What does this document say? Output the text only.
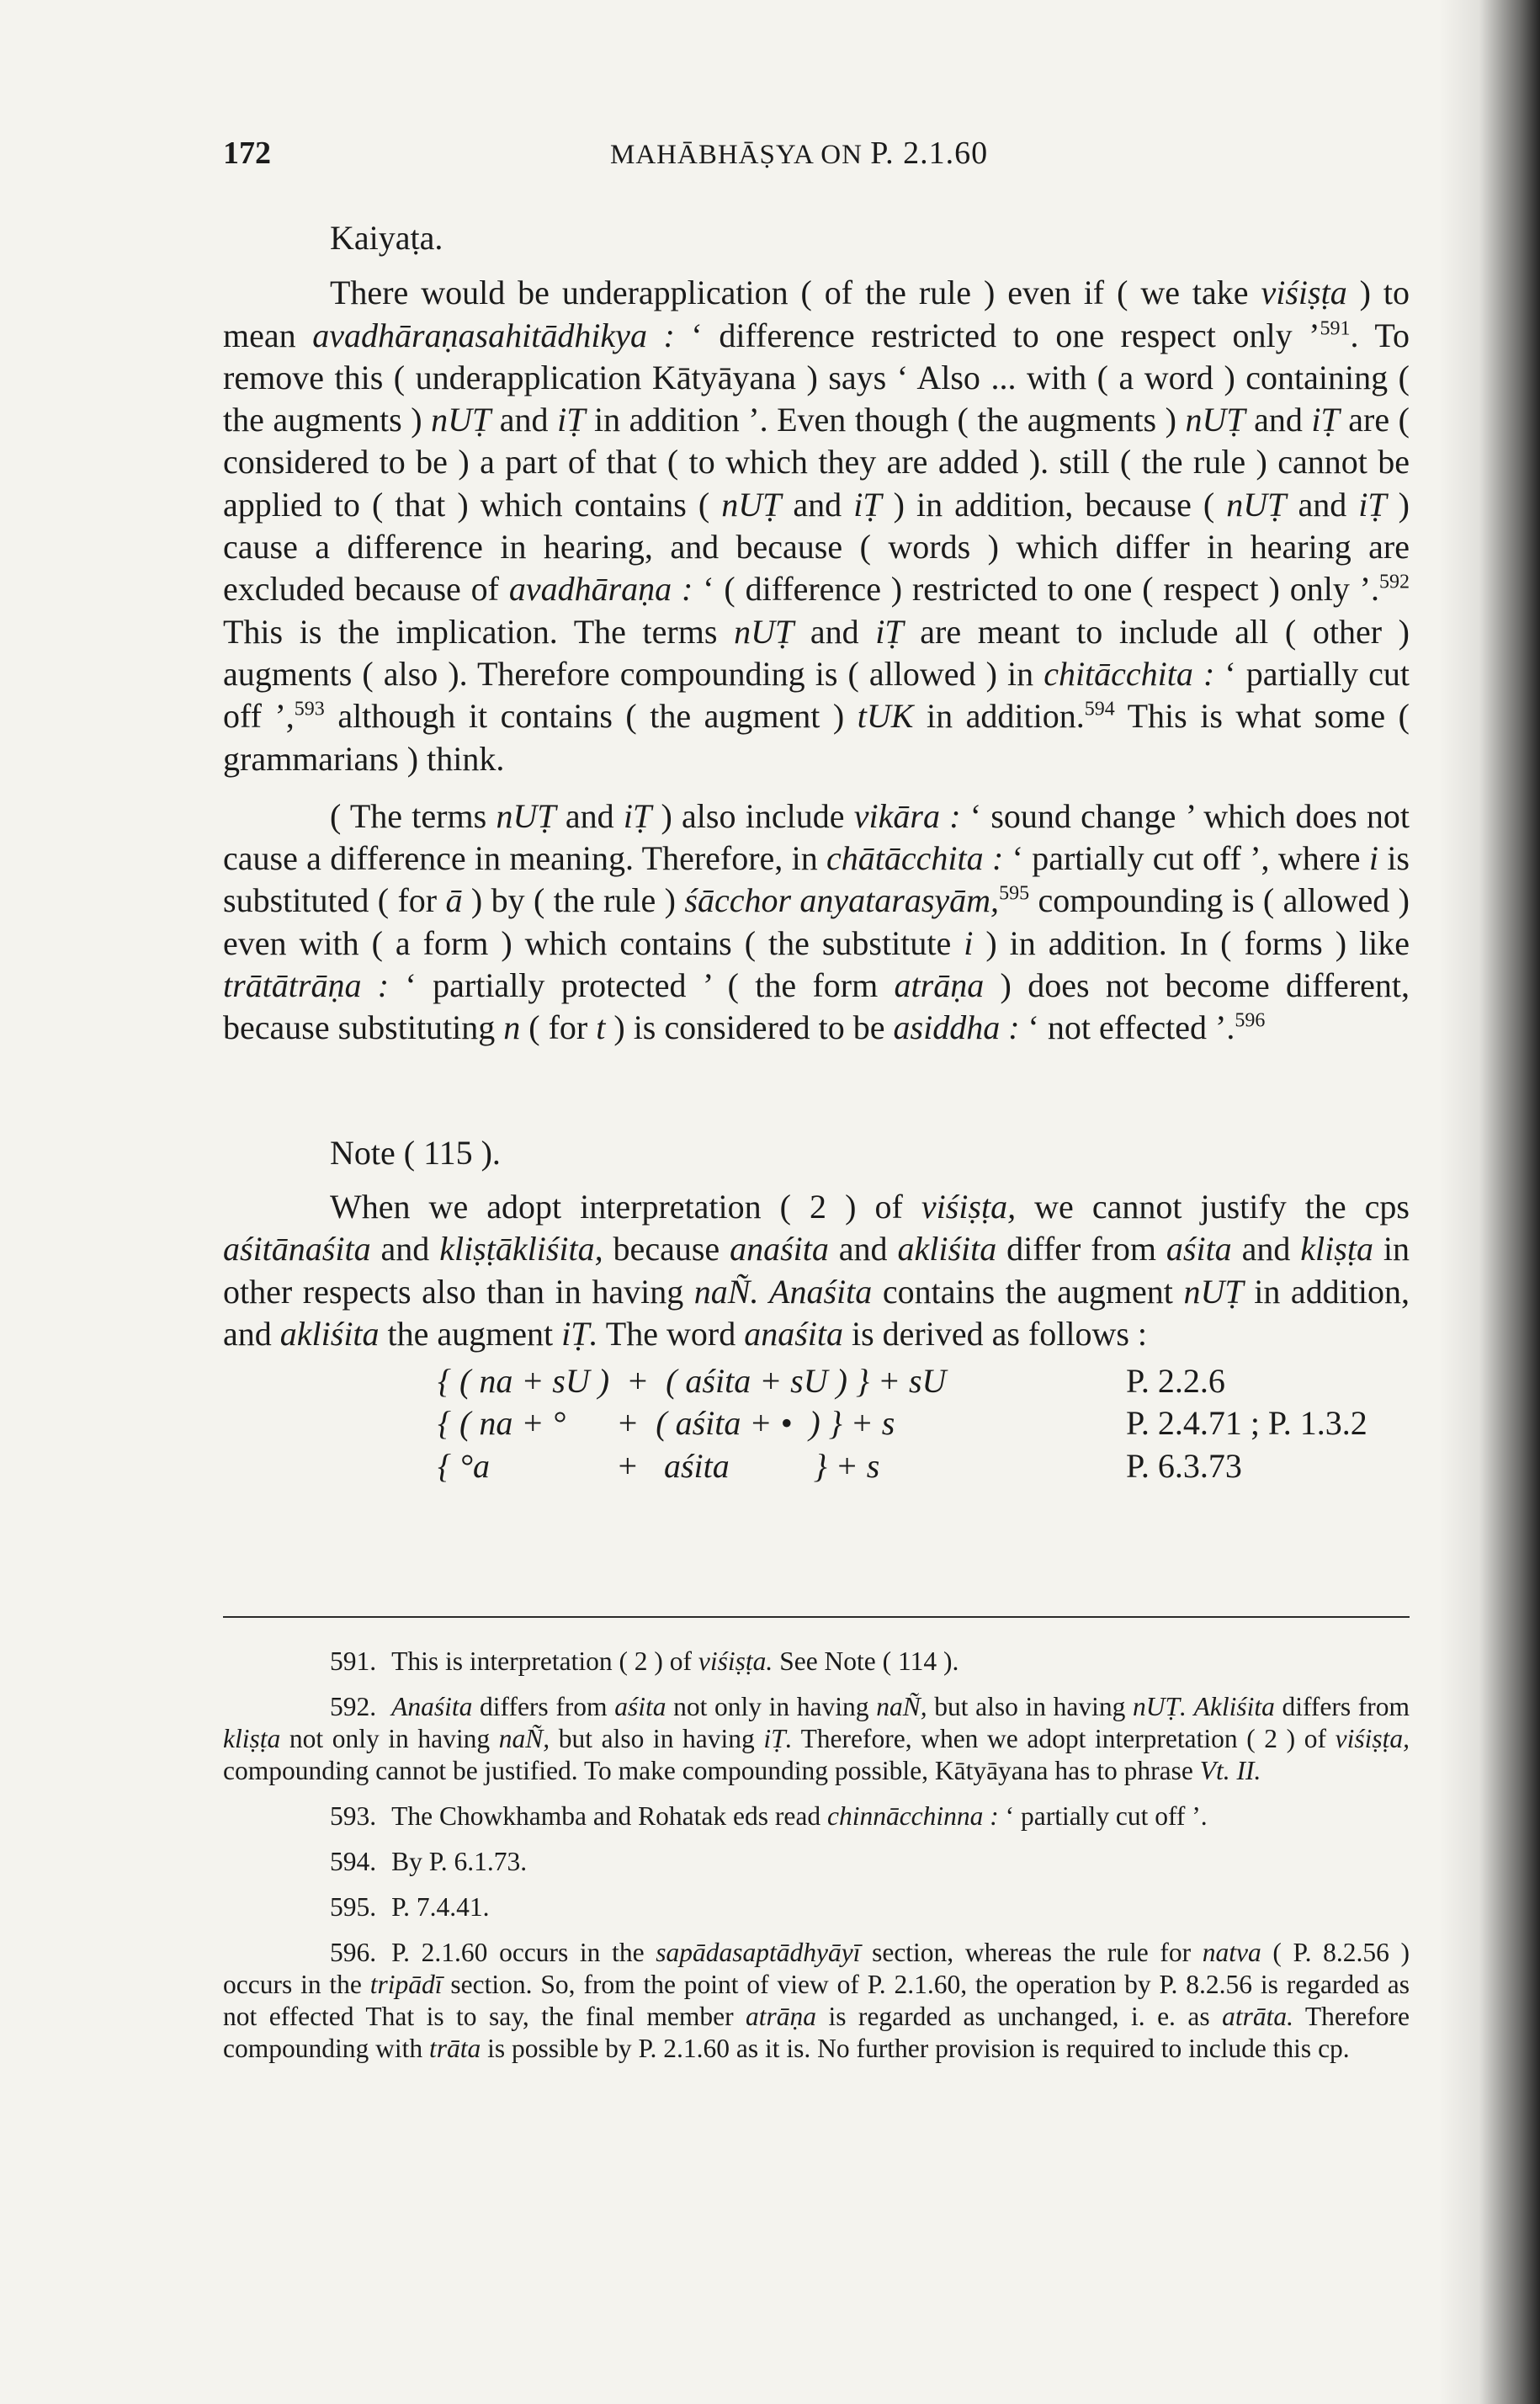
172	MAHĀBHĀṢYA ON P. 2.1.60
Kaiyaṭa.

There would be underapplication ( of the rule ) even if ( we take viśiṣṭa ) to mean avadhāraṇasahitādhikya : ‘ difference restricted to one respect only ’$^{591}$. To remove this ( underapplication Kātyāyana ) says ‘ Also ... with ( a word ) containing ( the augments ) nUṬ and iṬ in addition ’. Even though ( the augments ) nUṬ and iṬ are ( considered to be ) a part of that ( to which they are added ). still ( the rule ) cannot be applied to ( that ) which contains ( nUṬ and iṬ ) in addition, because ( nUṬ and iṬ ) cause a difference in hearing, and because ( words ) which differ in hearing are excluded because of avadhāraṇa : ‘ ( difference ) restricted to one ( respect ) only ’.$^{592}$ This is the implication. The terms nUṬ and iṬ are meant to include all ( other ) augments ( also ). Therefore compounding is ( allowed ) in chitācchita : ‘ partially cut off ’,$^{593}$ although it contains ( the augment ) tUK in addition.$^{594}$ This is what some ( grammarians ) think.

( The terms nUṬ and iṬ ) also include vikāra : ‘ sound change ’ which does not cause a difference in meaning. Therefore, in chātācchita : ‘ partially cut off ’, where i is substituted ( for ā ) by ( the rule ) śācchor anyatarasyām,$^{595}$ compounding is ( allowed ) even with ( a form ) which contains ( the substitute i ) in addition. In ( forms ) like trātātrāṇa : ‘ partially protected ’ ( the form atrāṇa ) does not become different, because substituting n ( for t ) is considered to be asiddha : ‘ not effected ’.$^{596}$

Note ( 115 ).

When we adopt interpretation ( 2 ) of viśiṣṭa, we cannot justify the cps aśitānaśita and kliṣṭākliśita, because anaśita and akliśita differ from aśita and kliṣṭa in other respects also than in having naÑ. Anaśita contains the augment nUṬ in addition, and akliśita the augment iṬ. The word anaśita is derived as follows :

{ ( na + sU )  +  ( aśita + sU ) } + sU	P. 2.2.6
{ ( na + °      +  ( aśita + •  ) } + s	P. 2.4.71 ; P. 1.3.2
{ °a               +   aśita          } + s	P. 6.3.73

591. This is interpretation ( 2 ) of viśiṣṭa. See Note ( 114 ).

592. Anaśita differs from aśita not only in having naÑ, but also in having nUṬ. Akliśita differs from kliṣṭa not only in having naÑ, but also in having iṬ. Therefore, when we adopt interpretation ( 2 ) of viśiṣṭa, compounding cannot be justified. To make compounding possible, Kātyāyana has to phrase Vt. II.

593. The Chowkhamba and Rohatak eds read chinnācchinna : ‘ partially cut off ’.

594. By P. 6.1.73.

595. P. 7.4.41.

596. P. 2.1.60 occurs in the sapādasaptādhyāyī section, whereas the rule for natva ( P. 8.2.56 ) occurs in the tripādī section. So, from the point of view of P. 2.1.60, the operation by P. 8.2.56 is regarded as not effected That is to say, the final member atrāṇa is regarded as unchanged, i. e. as atrāta. Therefore compounding with trāta is possible by P. 2.1.60 as it is. No further provision is required to include this cp.
